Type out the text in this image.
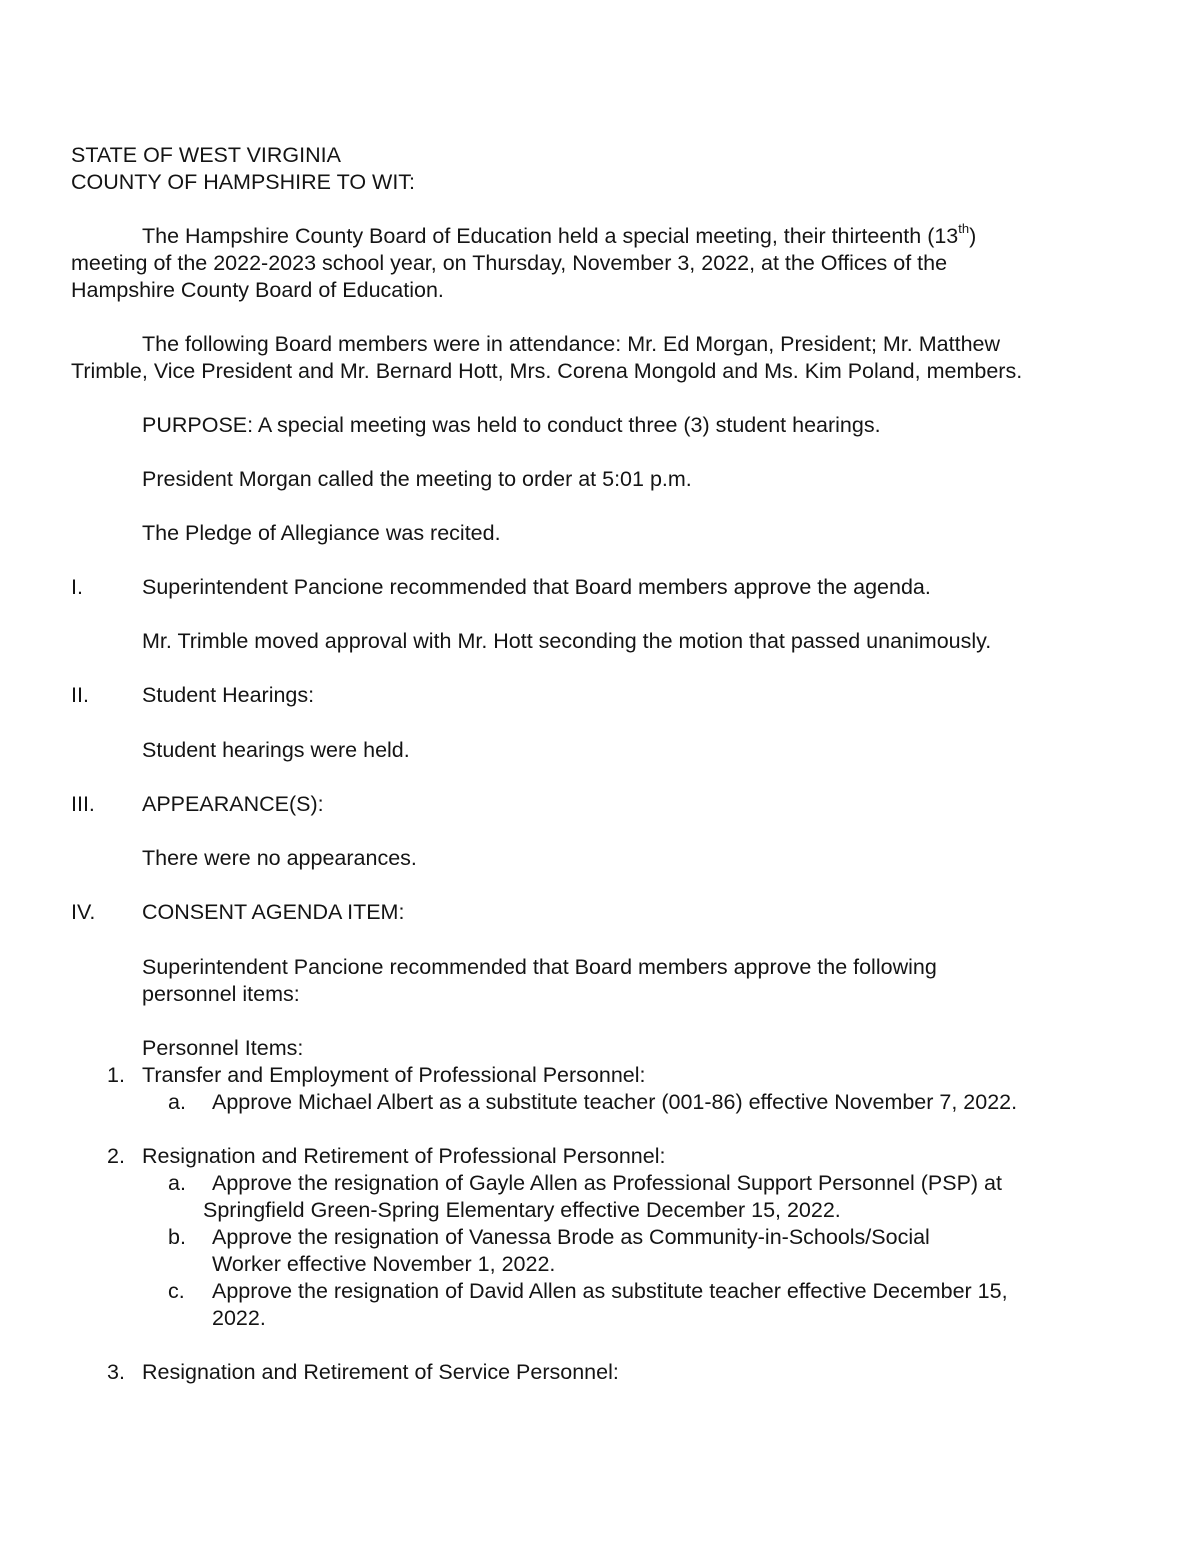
STATE OF WEST VIRGINIA

COUNTY OF HAMPSHIRE TO WIT:

The Hampshire County Board of Education held a special meeting, their thirteenth (13th)

meeting of the 2022-2023 school year, on Thursday, November 3, 2022, at the Offices of the

Hampshire County Board of Education.

The following Board members were in attendance: Mr. Ed Morgan, President; Mr. Matthew

Trimble, Vice President and Mr. Bernard Hott, Mrs. Corena Mongold and Ms. Kim Poland, members.

PURPOSE: A special meeting was held to conduct three (3) student hearings.

President Morgan called the meeting to order at 5:01 p.m.

The Pledge of Allegiance was recited.

I.	Superintendent Pancione recommended that Board members approve the agenda.

Mr. Trimble moved approval with Mr. Hott seconding the motion that passed unanimously.

II. Student Hearings:

Student hearings were held.

III. APPEARANCE(S):

There were no appearances.

IV. CONSENT AGENDA ITEM:

Superintendent Pancione recommended that Board members approve the following

personnel items:

Personnel Items:

1. Transfer and Employment of Professional Personnel:

a. Approve Michael Albert as a substitute teacher (001-86) effective November 7, 2022.

2. Resignation and Retirement of Professional Personnel:

a. Approve the resignation of Gayle Allen as Professional Support Personnel (PSP) at

Springfield Green-Spring Elementary effective December 15, 2022.

b. Approve the resignation of Vanessa Brode as Community-in-Schools/Social

Worker effective November 1, 2022.

c. Approve the resignation of David Allen as substitute teacher effective December 15,

2022.

3. Resignation and Retirement of Service Personnel:
